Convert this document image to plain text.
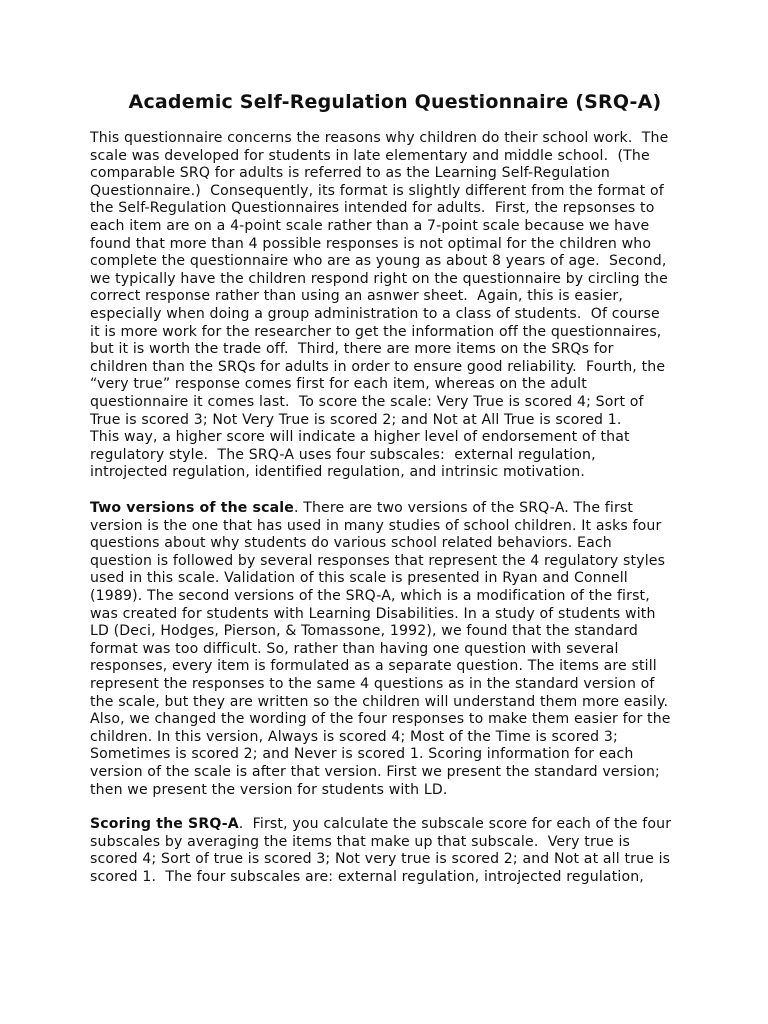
Academic Self-Regulation Questionnaire (SRQ-A)
This questionnaire concerns the reasons why children do their school work.  The
scale was developed for students in late elementary and middle school.  (The
comparable SRQ for adults is referred to as the Learning Self-Regulation
Questionnaire.)  Consequently, its format is slightly different from the format of
the Self-Regulation Questionnaires intended for adults.  First, the repsonses to
each item are on a 4-point scale rather than a 7-point scale because we have
found that more than 4 possible responses is not optimal for the children who
complete the questionnaire who are as young as about 8 years of age.  Second,
we typically have the children respond right on the questionnaire by circling the
correct response rather than using an asnwer sheet.  Again, this is easier,
especially when doing a group administration to a class of students.  Of course
it is more work for the researcher to get the information off the questionnaires,
but it is worth the trade off.  Third, there are more items on the SRQs for
children than the SRQs for adults in order to ensure good reliability.  Fourth, the
“very true” response comes first for each item, whereas on the adult
questionnaire it comes last.  To score the scale: Very True is scored 4; Sort of
True is scored 3; Not Very True is scored 2; and Not at All True is scored 1.
This way, a higher score will indicate a higher level of endorsement of that
regulatory style.  The SRQ-A uses four subscales:  external regulation,
introjected regulation, identified regulation, and intrinsic motivation.
Two versions of the scale. There are two versions of the SRQ-A. The first
version is the one that has used in many studies of school children. It asks four
questions about why students do various school related behaviors. Each
question is followed by several responses that represent the 4 regulatory styles
used in this scale. Validation of this scale is presented in Ryan and Connell
(1989). The second versions of the SRQ-A, which is a modification of the first,
was created for students with Learning Disabilities. In a study of students with
LD (Deci, Hodges, Pierson, & Tomassone, 1992), we found that the standard
format was too difficult. So, rather than having one question with several
responses, every item is formulated as a separate question. The items are still
represent the responses to the same 4 questions as in the standard version of
the scale, but they are written so the children will understand them more easily.
Also, we changed the wording of the four responses to make them easier for the
children. In this version, Always is scored 4; Most of the Time is scored 3;
Sometimes is scored 2; and Never is scored 1. Scoring information for each
version of the scale is after that version. First we present the standard version;
then we present the version for students with LD.
Scoring the SRQ-A.  First, you calculate the subscale score for each of the four
subscales by averaging the items that make up that subscale.  Very true is
scored 4; Sort of true is scored 3; Not very true is scored 2; and Not at all true is
scored 1.  The four subscales are: external regulation, introjected regulation,
